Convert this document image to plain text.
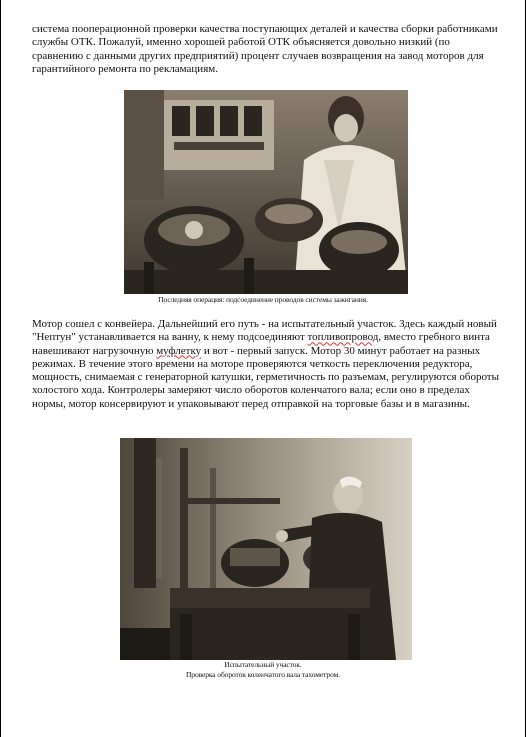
система пооперационной проверки качества поступающих деталей и качества сборки работниками службы ОТК. Пожалуй, именно хорошей работой ОТК объясняется довольно низкий (по сравнению с данными других предприятий) процент случаев возвращения на завод моторов для гарантийного ремонта по рекламациям.

Последняя операция: подсоединение проводов системы зажигания.

Мотор сошел с конвейера. Дальнейший его путь - на испытательный участок. Здесь каждый новый "Нептун" устанавливается на ванну, к нему подсоединяют топливопровод, вместо гребного винта навешивают нагрузочную муфлетку и вот - первый запуск. Мотор 30 минут работает на разных режимах. В течение этого времени на моторе проверяются четкость переключения редуктора, мощность, снимаемая с генераторной катушки, герметичность по разъемам, регулируются обороты холостого хода. Контролеры замеряют число оборотов коленчатого вала; если оно в пределах нормы, мотор консервируют и упаковывают перед отправкой на торговые базы и в магазины.

Испытательный участок.
Проверка оборотов коленчатого вала тахометром.
